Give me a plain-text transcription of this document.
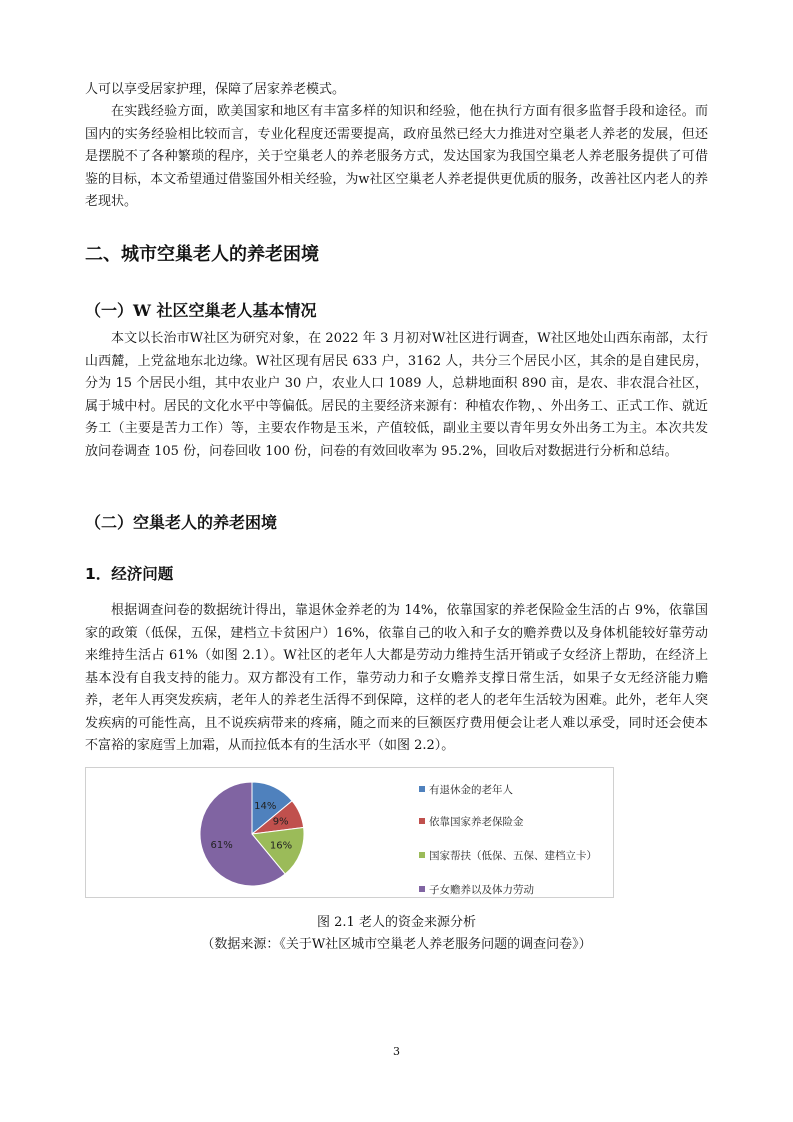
人可以享受居家护理，保障了居家养老模式。

在实践经验方面，欧美国家和地区有丰富多样的知识和经验，他在执行方面有很多监督手段和途径。而国内的实务经验相比较而言，专业化程度还需要提高，政府虽然已经大力推进对空巢老人养老的发展，但还是摆脱不了各种繁琐的程序，关于空巢老人的养老服务方式，发达国家为我国空巢老人养老服务提供了可借鉴的目标，本文希望通过借鉴国外相关经验，为w社区空巢老人养老提供更优质的服务，改善社区内老人的养老现状。

二、城市空巢老人的养老困境
（一）W 社区空巢老人基本情况

本文以长治市W社区为研究对象，在 2022 年 3 月初对W社区进行调查，W社区地处山西东南部，太行山西麓，上党盆地东北边缘。W社区现有居民 633 户，3162 人，共分三个居民小区，其余的是自建民房，分为 15 个居民小组，其中农业户 30 户，农业人口 1089 人，总耕地面积 890 亩，是农、非农混合社区，属于城中村。居民的文化水平中等偏低。居民的主要经济来源有：种植农作物，、外出务工、正式工作、就近务工（主要是苦力工作）等，主要农作物是玉米，产值较低，副业主要以青年男女外出务工为主。本次共发放问卷调查 105 份，问卷回收 100 份，问卷的有效回收率为 95.2%，回收后对数据进行分析和总结。

（二）空巢老人的养老困境
1．经济问题

根据调查问卷的数据统计得出，靠退休金养老的为 14%，依靠国家的养老保险金生活的占 9%，依靠国家的政策（低保，五保，建档立卡贫困户）16%，依靠自己的收入和子女的赡养费以及身体机能较好靠劳动来维持生活占 61%（如图 2.1）。W社区的老年人大都是劳动力维持生活开销或子女经济上帮助，在经济上基本没有自我支持的能力。双方都没有工作，靠劳动力和子女赡养支撑日常生活，如果子女无经济能力赡养，老年人再突发疾病，老年人的养老生活得不到保障，这样的老人的老年生活较为困难。此外，老年人突发疾病的可能性高，且不说疾病带来的疼痛，随之而来的巨额医疗费用便会让老人难以承受，同时还会使本不富裕的家庭雪上加霜，从而拉低本有的生活水平（如图 2.2）。

14%
9%
16%
61%
有退休金的老年人
依靠国家养老保险金
国家帮扶（低保、五保、建档立卡）
子女赡养以及体力劳动

图 2.1 老人的资金来源分析

（数据来源：《关于W社区城市空巢老人养老服务问题的调查问卷》）

3
